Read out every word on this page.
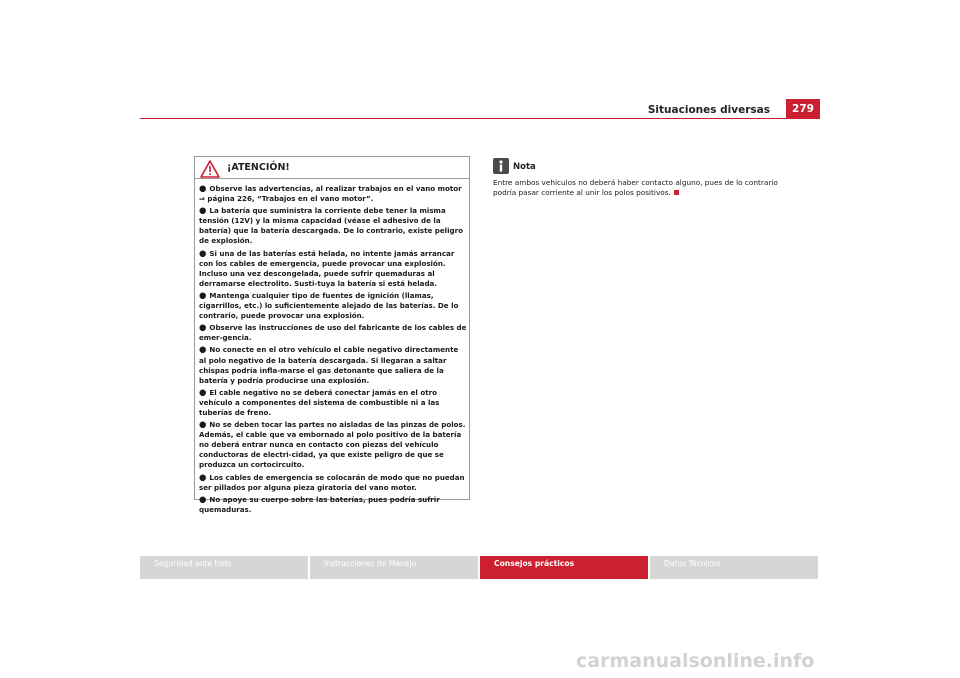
Situaciones diversas	279
¡ATENCIÓN!

● Observe las advertencias, al realizar trabajos en el vano motor
⇒ página 226, “Trabajos en el vano motor”.

● La batería que suministra la corriente debe tener la misma tensión (12V) y la misma capacidad (véase el adhesivo de la batería) que la batería descargada. De lo contrario, existe peligro de explosión.

● Si una de las baterías está helada, no intente jamás arrancar con los cables de emergencia, puede provocar una explosión. Incluso una vez descongelada, puede sufrir quemaduras al derramarse electrolito. Susti-tuya la batería si está helada.

● Mantenga cualquier tipo de fuentes de ignición (llamas, cigarrillos, etc.) lo suficientemente alejado de las baterías. De lo contrario, puede provocar una explosión.

● Observe las instrucciones de uso del fabricante de los cables de emer-gencia.

● No conecte en el otro vehículo el cable negativo directamente al polo negativo de la batería descargada. Si llegaran a saltar chispas podría infla-marse el gas detonante que saliera de la batería y podría producirse una explosión.

● El cable negativo no se deberá conectar jamás en el otro vehículo a componentes del sistema de combustible ni a las tuberías de freno.

● No se deben tocar las partes no aisladas de las pinzas de polos. Además, el cable que va embornado al polo positivo de la batería no deberá entrar nunca en contacto con piezas del vehículo conductoras de electri-cidad, ya que existe peligro de que se produzca un cortocircuito.

● Los cables de emergencia se colocarán de modo que no puedan ser pillados por alguna pieza giratoria del vano motor.

● No apoye su cuerpo sobre las baterías, pues podría sufrir quemaduras.

Nota
Entre ambos vehículos no deberá haber contacto alguno, pues de lo contrario podría pasar corriente al unir los polos positivos.
Seguridad ante todo	Instrucciones de Manejo	Consejos prácticos	Datos Técnicos
carmanualsonline.info
